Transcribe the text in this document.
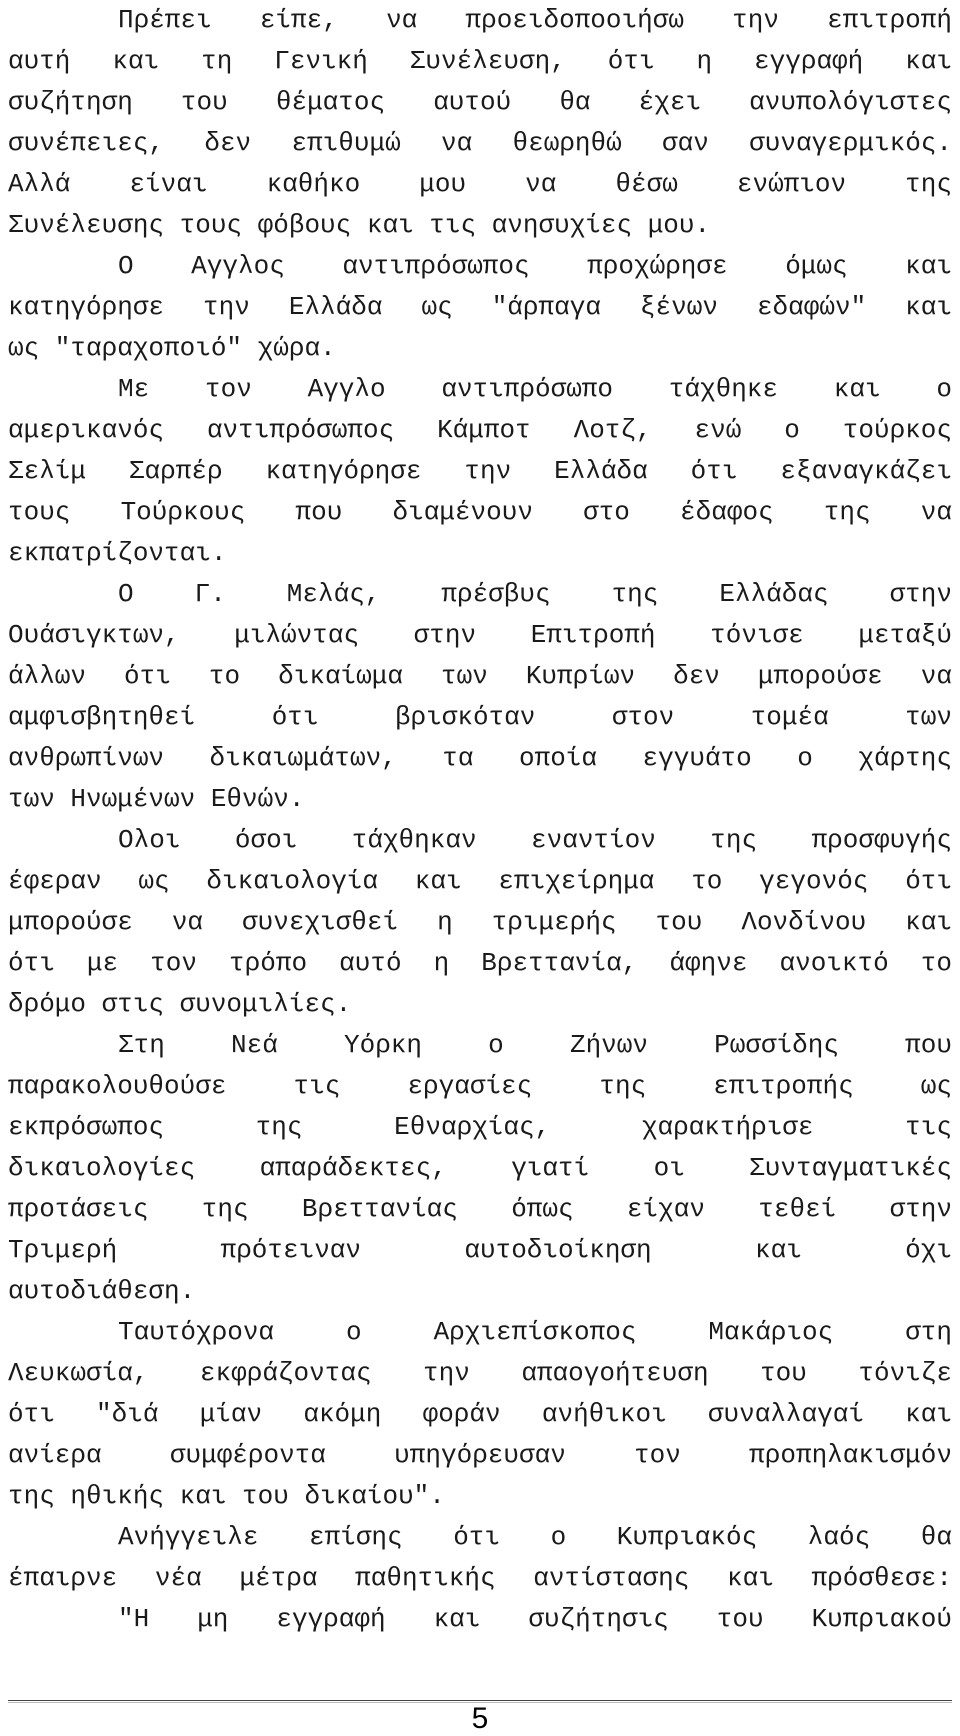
Πρέπει είπε, να προειδοποοιήσω την επιτροπή
αυτή και τη Γενική Συνέλευση, ότι η εγγραφή και
συζήτηση του θέματος αυτού θα έχει ανυπολόγιστες
συνέπειες, δεν επιθυμώ να θεωρηθώ σαν συναγερμικός.
Αλλά είναι καθήκο μου να θέσω ενώπιον της
Συνέλευσης τους φόβους και τις ανησυχίες μου.
Ο Αγγλος αντιπρόσωπος προχώρησε όμως και
κατηγόρησε την Ελλάδα ως "άρπαγα ξένων εδαφών" και
ως "ταραχοποιό" χώρα.
Με τον Αγγλο αντιπρόσωπο τάχθηκε και ο
αμερικανός αντιπρόσωπος Κάμποτ Λοτζ, ενώ ο τούρκος
Σελίμ Σαρπέρ κατηγόρησε την Ελλάδα ότι εξαναγκάζει
τους Τούρκους που διαμένουν στο έδαφος της να
εκπατρίζονται.
Ο Γ. Μελάς, πρέσβυς της Ελλάδας στην
Ουάσιγκτων, μιλώντας στην Επιτροπή τόνισε μεταξύ
άλλων ότι το δικαίωμα των Κυπρίων δεν μπορούσε να
αμφισβητηθεί ότι βρισκόταν στον τομέα των
ανθρωπίνων δικαιωμάτων, τα οποία εγγυάτο ο χάρτης
των Ηνωμένων Εθνών.
Ολοι όσοι τάχθηκαν εναντίον της προσφυγής
έφεραν ως δικαιολογία και επιχείρημα το γεγονός ότι
μπορούσε να συνεχισθεί η τριμερής του Λονδίνου και
ότι με τον τρόπο αυτό η Βρεττανία, άφηνε ανοικτό το
δρόμο στις συνομιλίες.
Στη Νεά Υόρκη ο Ζήνων Ρωσσίδης που
παρακολουθούσε τις εργασίες της επιτροπής ως
εκπρόσωπος της Εθναρχίας, χαρακτήρισε τις
δικαιολογίες απαράδεκτες, γιατί οι Συνταγματικές
προτάσεις της Βρεττανίας όπως είχαν τεθεί στην
Τριμερή πρότειναν αυτοδιοίκηση και όχι
αυτοδιάθεση.
Ταυτόχρονα ο Αρχιεπίσκοπος Μακάριος στη
Λευκωσία, εκφράζοντας την απαογοήτευση του τόνιζε
ότι "διά μίαν ακόμη φοράν ανήθικοι συναλλαγαί και
ανίερα συμφέροντα υπηγόρευσαν τον προπηλακισμόν
της ηθικής και του δικαίου".
Ανήγγειλε επίσης ότι ο Κυπριακός λαός θα
έπαιρνε νέα μέτρα παθητικής αντίστασης και πρόσθεσε:
"Η μη εγγραφή και συζήτησις του Κυπριακού
5
